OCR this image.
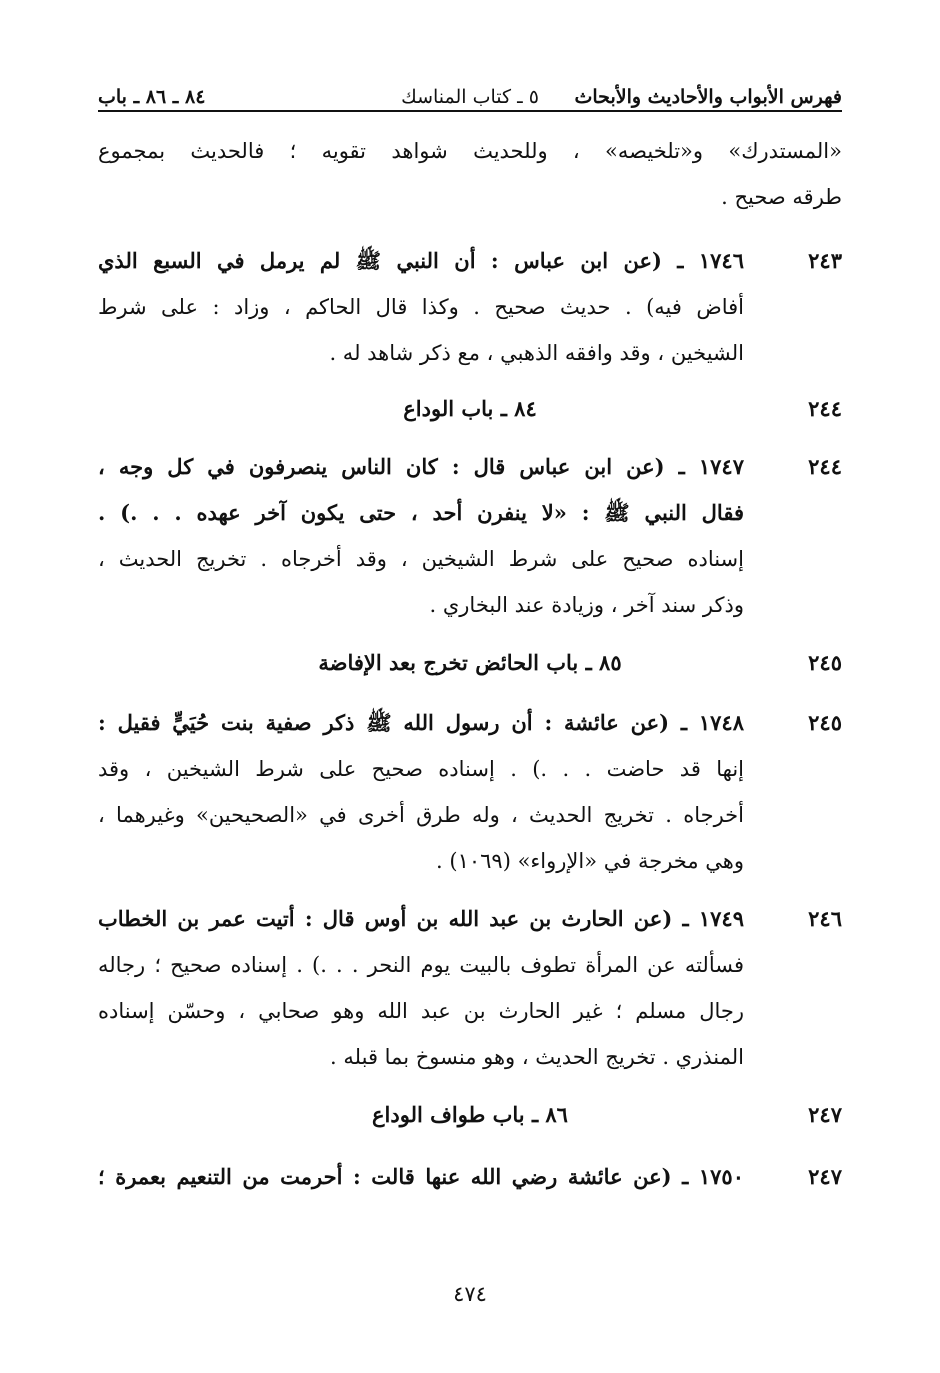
فهرس الأبواب والأحاديث والأبحاث
٥ ـ كتاب المناسك
٨٤ ـ ٨٦ ـ باب
«المستدرك» و«تلخيصه» ، وللحديث شواهد تقويه ؛ فالحديث بمجموع
طرقه صحيح .
٢٤٣
١٧٤٦ ـ (عن ابن عباس : أن النبي ﷺ لم يرمل في السبع الذي
أفاض فيه) . حديث صحيح . وكذا قال الحاكم ، وزاد : على شرط
الشيخين ، وقد وافقه الذهبي ، مع ذكر شاهد له .
٢٤٤
٨٤ ـ باب الوداع
٢٤٤
١٧٤٧ ـ (عن ابن عباس قال : كان الناس ينصرفون في كل وجه ،
فقال النبي ﷺ : «لا ينفرن أحد ، حتى يكون آخر عهده . . .) .
إسناده صحيح على شرط الشيخين ، وقد أخرجاه . تخريج الحديث ،
وذكر سند آخر ، وزيادة عند البخاري .
٢٤٥
٨٥ ـ باب الحائض تخرج بعد الإفاضة
٢٤٥
١٧٤٨ ـ (عن عائشة : أن رسول الله ﷺ ذكر صفية بنت حُيَيٍّ فقيل :
إنها قد حاضت . . .) . إسناده صحيح على شرط الشيخين ، وقد
أخرجاه . تخريج الحديث ، وله طرق أخرى في «الصحيحين» وغيرهما ،
وهي مخرجة في «الإرواء» (١٠٦٩) .
٢٤٦
١٧٤٩ ـ (عن الحارث بن عبد الله بن أوس قال : أتيت عمر بن الخطاب
فسألته عن المرأة تطوف بالبيت يوم النحر . . .) . إسناده صحيح ؛ رجاله
رجال مسلم ؛ غير الحارث بن عبد الله وهو صحابي ، وحسّن إسناده
المنذري . تخريج الحديث ، وهو منسوخ بما قبله .
٢٤٧
٨٦ ـ باب طواف الوداع
٢٤٧
١٧٥٠ ـ (عن عائشة رضي الله عنها قالت : أحرمت من التنعيم بعمرة ؛
٤٧٤
